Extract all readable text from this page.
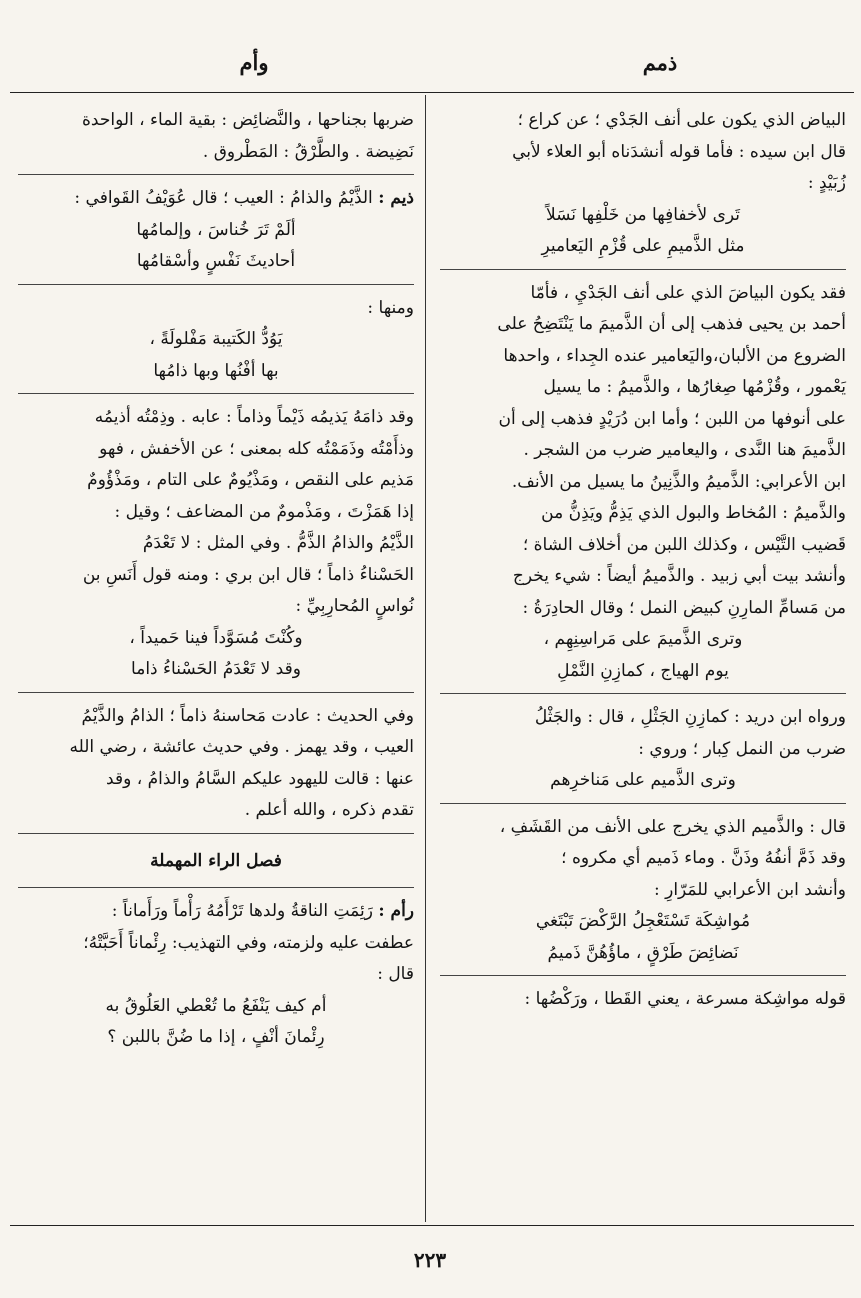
ذمم
وأم

البياض الذي يكون على أنف الجَدْي ؛ عن كراع ؛

قال ابن سيده : فأما قوله أنشدَناه أبو العلاء لأبي

زُبَيْدٍ :

تَرى لأخفافِها من خَلْفِها نَسَلاً

مثل الذَّميمِ على قُزْمِ اليَعاميرِ

فقد يكون البياضَ الذي على أنف الجَدْيِ ، فأمّا

أحمد بن يحيى فذهب إلى أن الذَّميمَ ما يَنْتَضِحُ على

الضروع من الألبان،واليَعامير عنده الجِداء ، واحدها

يَعْمور ، وقُزْمُها صِغارُها ، والذَّميمُ : ما يسيل

على أنوفها من اللبن ؛ وأما ابن دُرَيْدٍ فذهب إلى أن

الذَّميمَ هنا النَّدى ، واليعامير ضرب من الشجر .

ابن الأعرابي: الذَّميمُ والذَّنِينُ ما يسيل من الأنف.

والذَّميمُ : المُخاط والبول الذي يَذِمُّ ويَذِنُّ من

قَضيب التَّيْس ، وكذلك اللبن من أخلاف الشاة ؛

وأنشد بيت أبي زبيد . والذَّميمُ أيضاً : شيء يخرج

من مَسامِّ المارِنِ كبيض النمل ؛ وقال الحادِرَةُ :

وترى الذَّميمَ على مَراسِنِهِم ،

يوم الهياج ، كمازِنِ النَّمْلِ

ورواه ابن دريد : كمازِنِ الجَثْلِ ، قال : والجَثْلُ

ضرب من النمل كِبار ؛ وروي :

وترى الذَّميم على مَناخرِهم

قال : والذَّميم الذي يخرج على الأنف من القَشَفِ ،

وقد ذَمَّ أنفُهُ وذَنَّ . وماء ذَميم أي مكروه ؛

وأنشد ابن الأعرابي للمَرّارِ :

مُواشِكَة تَسْتَعْجِلُ الرَّكْضَ تَبْتَغي

نَضائِضَ طَرْقٍ ، ماؤُهُنَّ ذَميمُ

قوله مواشِكة مسرعة ، يعني القَطا ، ورَكْضُها :

ضربها بجناحها ، والنَّضائِض : بقية الماء ، الواحدة

نَضِيضة . والطَّرْقُ : المَطْروق .

ذيم : الذَّيْمُ والذامُ : العيب ؛ قال عُوَيْفُ القَوافي :

ألَمْ تَرَ خُناسَ ، وإلمامُها

أحاديثَ نَفْسٍ وأسْقامُها

ومنها :

يَوُدُّ الكَتيبة مَفْلولَةً ،

بها أفْنُها وبها ذامُها

وقد ذامَهُ يَذيمُه ذَيْماً وذاماً : عابه . وذِمْتُه أذيمُه

وذأَمْتُه وذَمَمْتُه كله بمعنى ؛ عن الأخفش ، فهو

مَذيم على النقص ، ومَذْيُومٌ على التام ، ومَذْؤُومٌ

إذا هَمَزْتَ ، ومَذْمومٌ من المضاعف ؛ وقيل :

الذَّيْمُ والذامُ الذَّمُّ . وفي المثل : لا تَعْدَمُ

الحَسْناءُ ذاماً ؛ قال ابن بري : ومنه قول أَنَسِ بن

نُواسٍ المُحارِبِيِّ :

وكُنْتَ مُسَوَّداً فينا حَميداً ،

وقد لا تَعْدَمُ الحَسْناءُ ذاما

وفي الحديث : عادت مَحاسنهُ ذاماً ؛ الذامُ والذَّيْمُ

العيب ، وقد يهمز . وفي حديث عائشة ، رضي الله

عنها : قالت لليهود عليكم السَّامُ والذامُ ، وقد

تقدم ذكره ، والله أعلم .

فصل الراء المهملة

رأم : رَئِمَتِ الناقةُ ولدها تَرْأَمُهُ رَأْماً ورَأَماناً :

عطفت عليه ولزمته، وفي التهذيب: رِئْماناً أَحَبَّتْهُ؛

قال :

أم كيف يَنْفَعُ ما تُعْطي العَلُوقُ به

رِئْمانَ أنْفٍ ، إذا ما ضُنَّ باللبن ؟

٢٢٣
